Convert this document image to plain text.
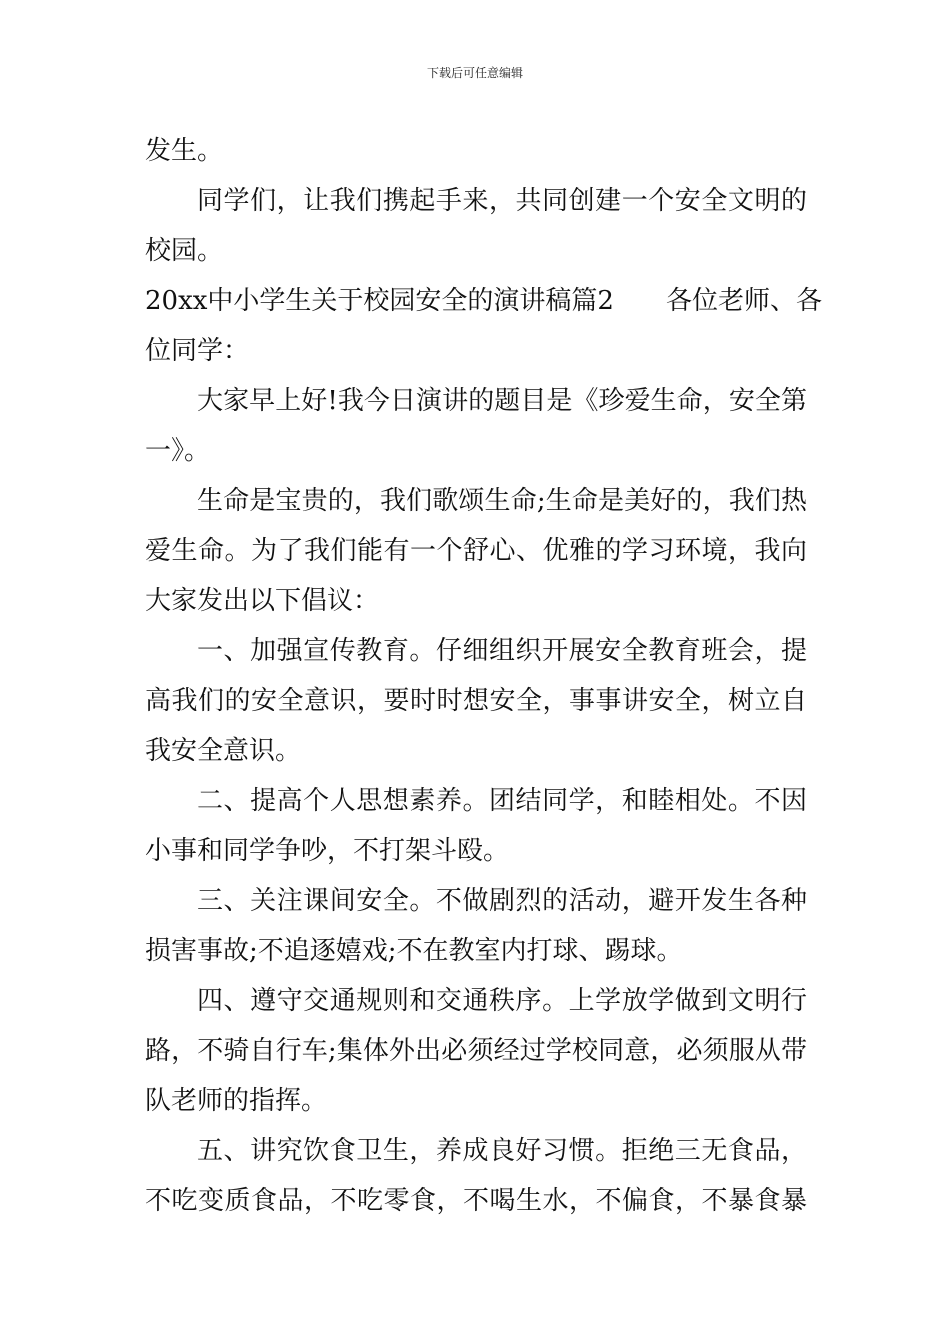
下载后可任意编辑
发生。
同学们，让我们携起手来，共同创建一个安全文明的
校园。
20xx中小学生关于校园安全的演讲稿篇2　　各位老师、各
位同学：
大家早上好!我今日演讲的题目是《珍爱生命，安全第
一》。
生命是宝贵的，我们歌颂生命;生命是美好的，我们热
爱生命。为了我们能有一个舒心、优雅的学习环境，我向
大家发出以下倡议：
一、加强宣传教育。仔细组织开展安全教育班会，提
高我们的安全意识，要时时想安全，事事讲安全，树立自
我安全意识。
二、提高个人思想素养。团结同学，和睦相处。不因
小事和同学争吵，不打架斗殴。
三、关注课间安全。不做剧烈的活动，避开发生各种
损害事故;不追逐嬉戏;不在教室内打球、踢球。
四、遵守交通规则和交通秩序。上学放学做到文明行
路，不骑自行车;集体外出必须经过学校同意，必须服从带
队老师的指挥。
五、讲究饮食卫生，养成良好习惯。拒绝三无食品，
不吃变质食品，不吃零食，不喝生水，不偏食，不暴食暴
